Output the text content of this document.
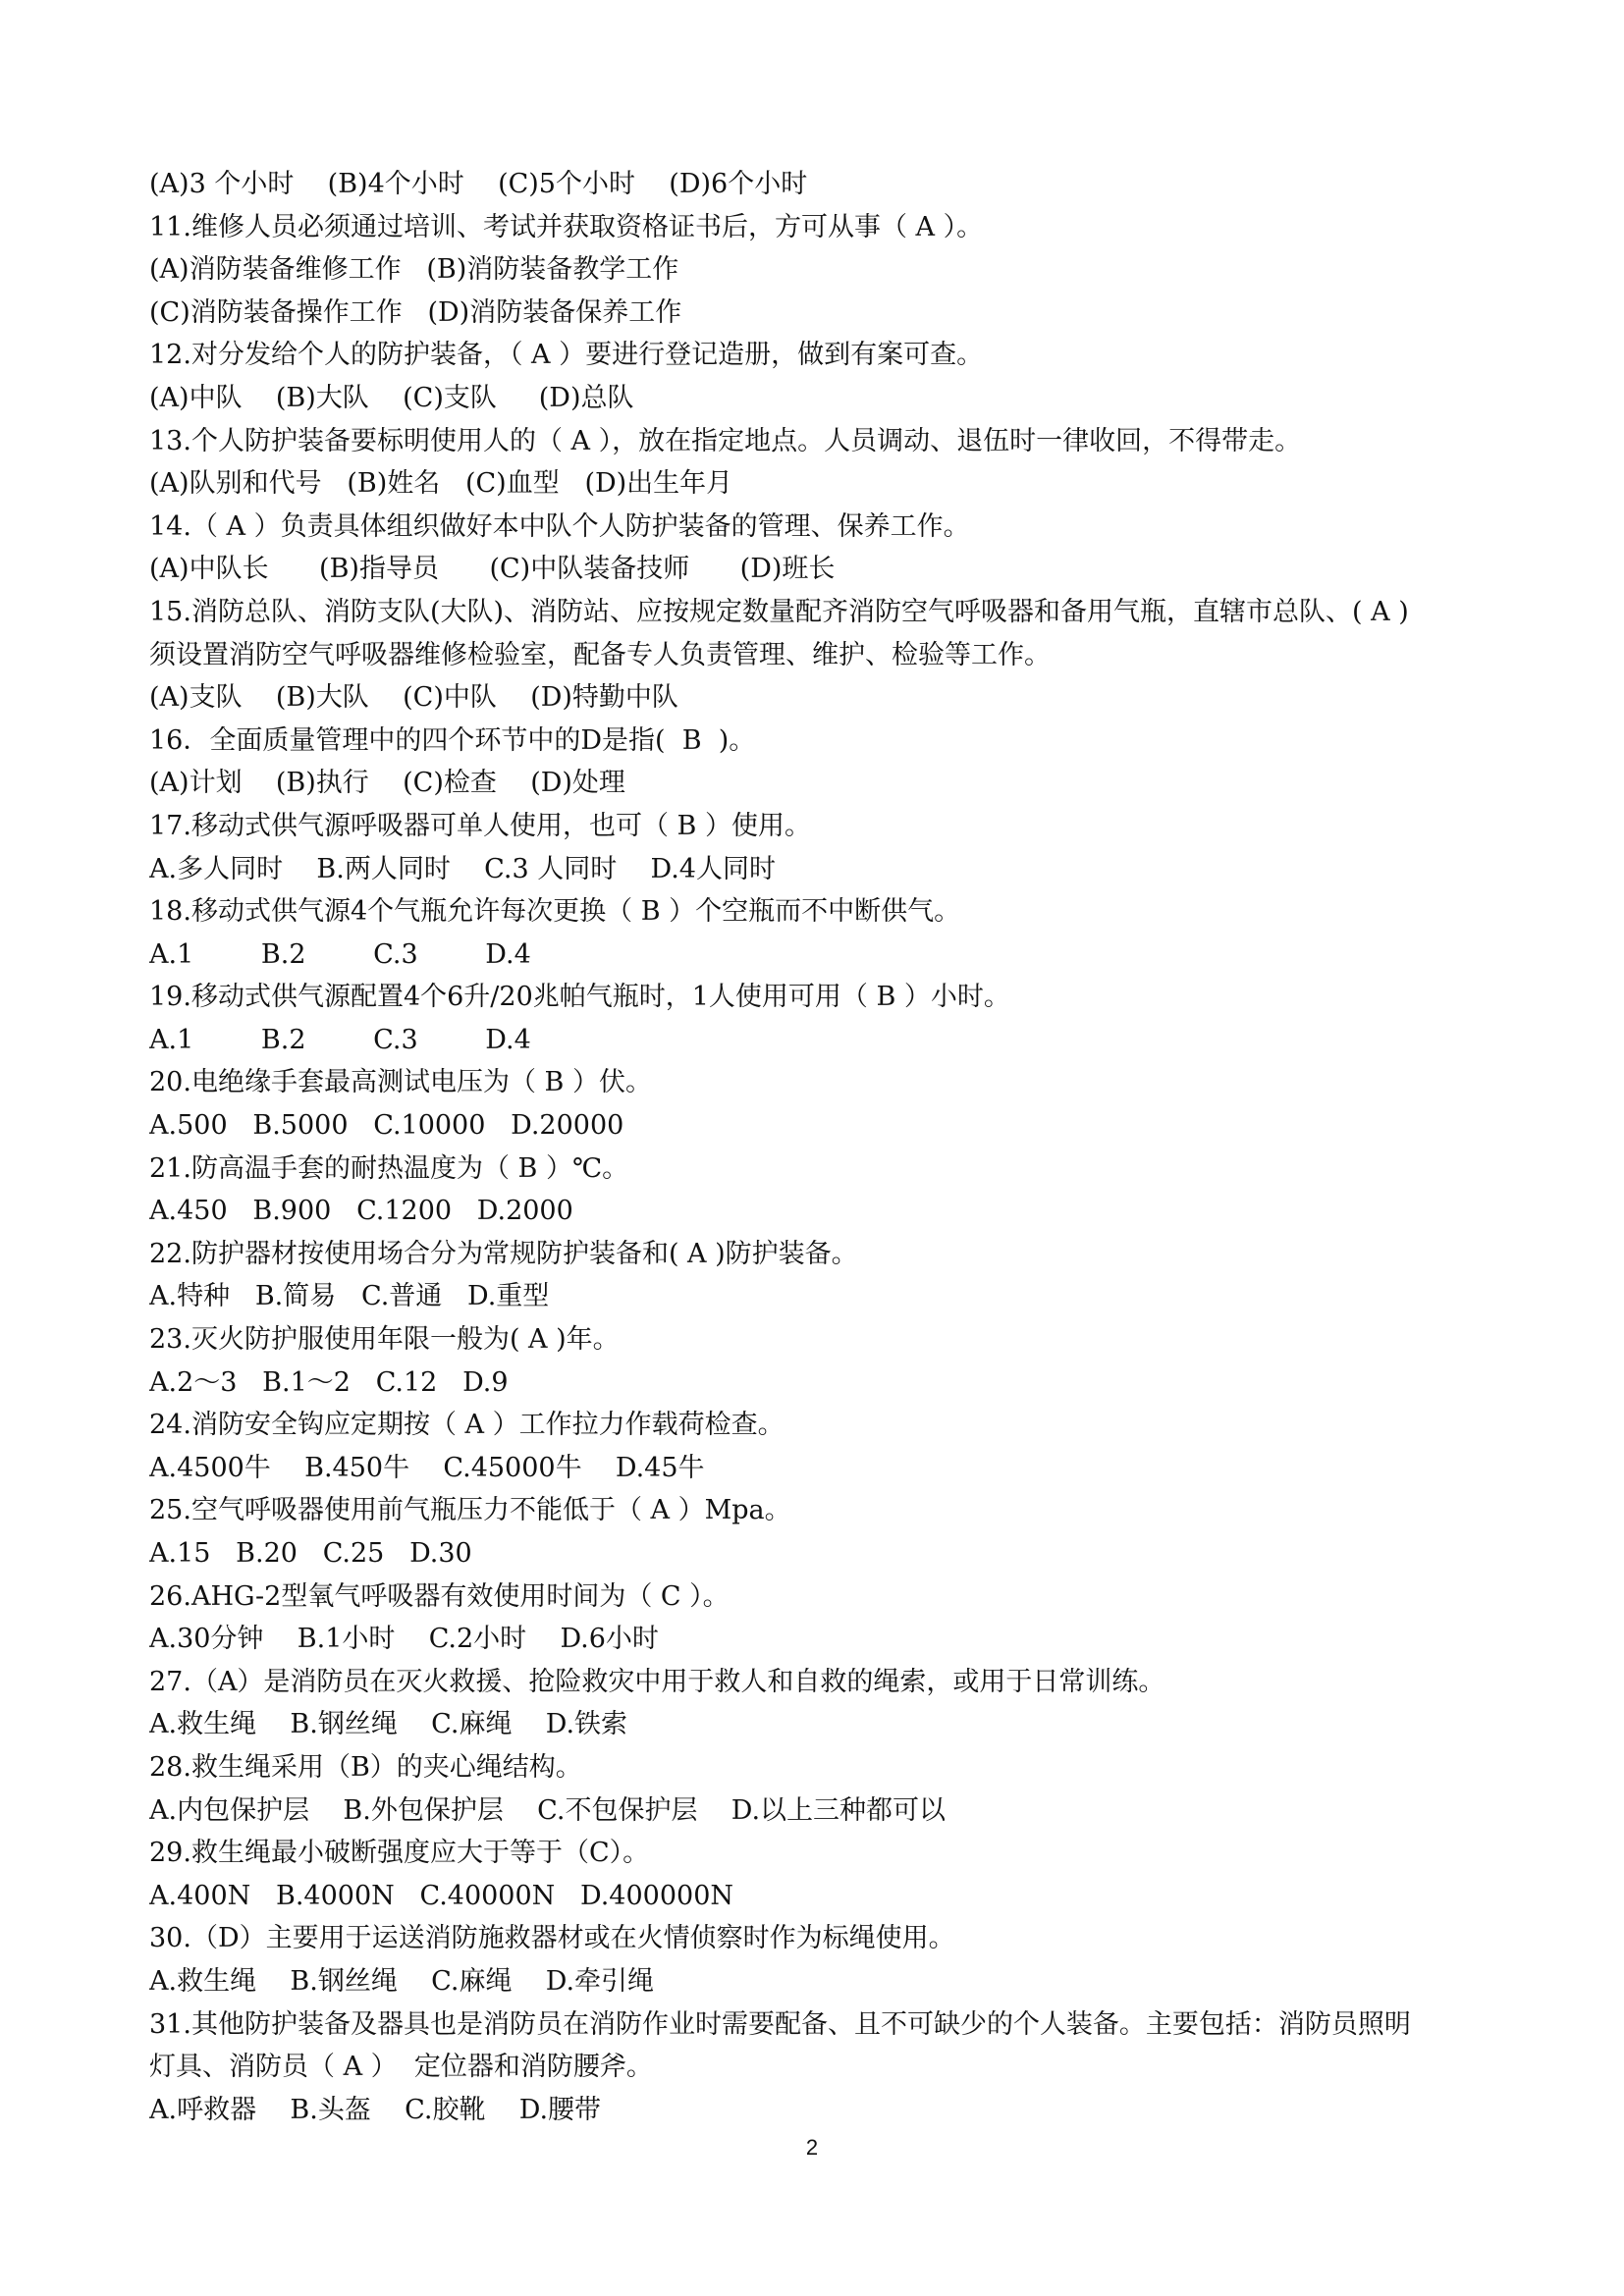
(A)3 个小时    (B)4个小时    (C)5个小时    (D)6个小时
11.维修人员必须通过培训、考试并获取资格证书后，方可从事（ A ）。
(A)消防装备维修工作   (B)消防装备教学工作
(C)消防装备操作工作   (D)消防装备保养工作
12.对分发给个人的防护装备，（ A ）要进行登记造册，做到有案可查。
(A)中队    (B)大队    (C)支队     (D)总队
13.个人防护装备要标明使用人的（ A ），放在指定地点。人员调动、退伍时一律收回，不得带走。
(A)队别和代号   (B)姓名   (C)血型   (D)出生年月
14.（ A ）负责具体组织做好本中队个人防护装备的管理、保养工作。
(A)中队长      (B)指导员      (C)中队装备技师      (D)班长
15.消防总队、消防支队(大队)、消防站、应按规定数量配齐消防空气呼吸器和备用气瓶，直辖市总队、( A )
须设置消防空气呼吸器维修检验室，配备专人负责管理、维护、检验等工作。
(A)支队    (B)大队    (C)中队    (D)特勤中队
16．全面质量管理中的四个环节中的D是指(  B  )。
(A)计划    (B)执行    (C)检查    (D)处理
17.移动式供气源呼吸器可单人使用，也可（ B ）使用。
A.多人同时    B.两人同时    C.3 人同时    D.4人同时
18.移动式供气源4个气瓶允许每次更换（ B ）个空瓶而不中断供气。
A.1        B.2        C.3        D.4
19.移动式供气源配置4个6升/20兆帕气瓶时，1人使用可用（ B ）小时。
A.1        B.2        C.3        D.4
20.电绝缘手套最高测试电压为（ B ）伏。
A.500   B.5000   C.10000   D.20000
21.防高温手套的耐热温度为（ B ）℃。
A.450   B.900   C.1200   D.2000
22.防护器材按使用场合分为常规防护装备和( A )防护装备。
A.特种   B.简易   C.普通   D.重型
23.灭火防护服使用年限一般为( A )年。
A.2～3   B.1～2   C.12   D.9
24.消防安全钩应定期按（ A ）工作拉力作载荷检查。
A.4500牛    B.450牛    C.45000牛    D.45牛
25.空气呼吸器使用前气瓶压力不能低于（ A ）Mpa。
A.15   B.20   C.25   D.30
26.AHG-2型氧气呼吸器有效使用时间为（ C ）。
A.30分钟    B.1小时    C.2小时    D.6小时
27.（A）是消防员在灭火救援、抢险救灾中用于救人和自救的绳索，或用于日常训练。
A.救生绳    B.钢丝绳    C.麻绳    D.铁索
28.救生绳采用（B）的夹心绳结构。
A.内包保护层    B.外包保护层    C.不包保护层    D.以上三种都可以
29.救生绳最小破断强度应大于等于（C）。
A.400N   B.4000N   C.40000N   D.400000N
30.（D）主要用于运送消防施救器材或在火情侦察时作为标绳使用。
A.救生绳    B.钢丝绳    C.麻绳    D.牵引绳
31.其他防护装备及器具也是消防员在消防作业时需要配备、且不可缺少的个人装备。主要包括：消防员照明
灯具、消防员（ A ）  定位器和消防腰斧。
A.呼救器    B.头盔    C.胶靴    D.腰带
2
